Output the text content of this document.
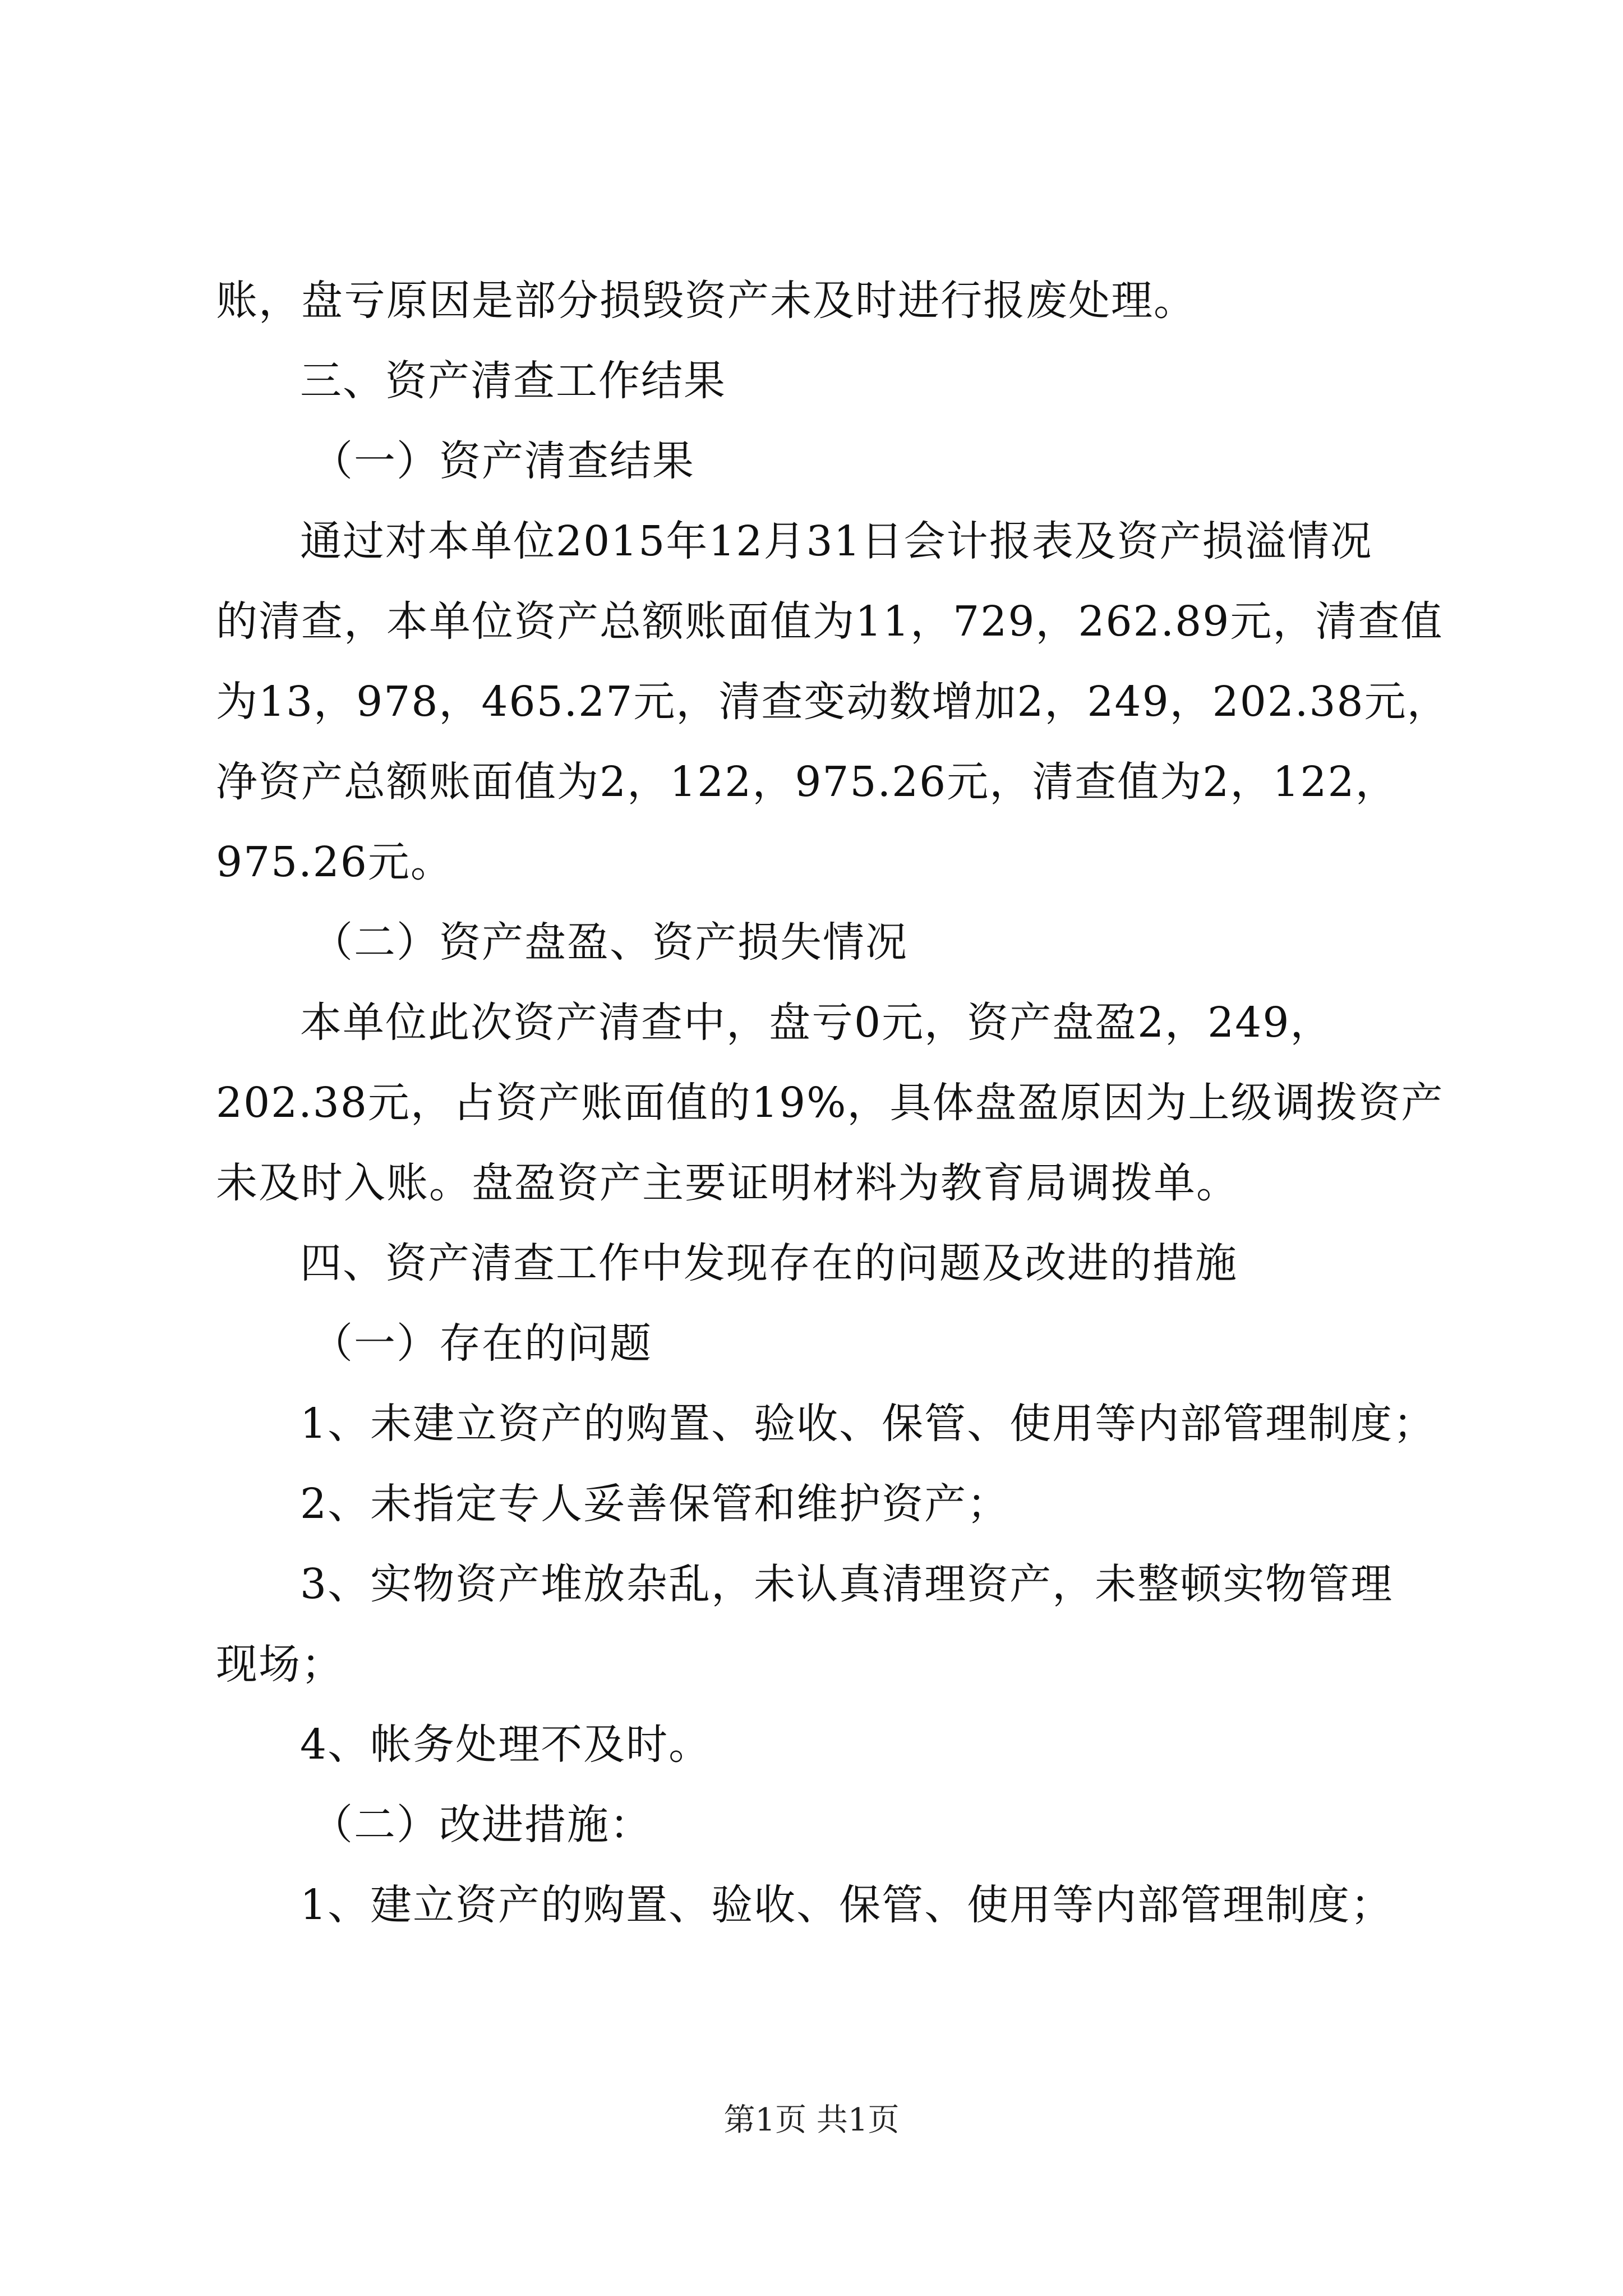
账，盘亏原因是部分损毁资产未及时进行报废处理。
三、资产清查工作结果
（一）资产清查结果
通过对本单位2015年12月31日会计报表及资产损溢情况
的清查，本单位资产总额账面值为11，729，262.89元，清查值
为13，978，465.27元，清查变动数增加2，249，202.38元，
净资产总额账面值为2，122，975.26元，清查值为2，122，
975.26元。
（二）资产盘盈、资产损失情况
本单位此次资产清查中，盘亏0元，资产盘盈2，249，
202.38元，占资产账面值的19%，具体盘盈原因为上级调拨资产
未及时入账。盘盈资产主要证明材料为教育局调拨单。
四、资产清查工作中发现存在的问题及改进的措施
（一）存在的问题
1、未建立资产的购置、验收、保管、使用等内部管理制度；
2、未指定专人妥善保管和维护资产；
3、实物资产堆放杂乱，未认真清理资产，未整顿实物管理
现场；
4、帐务处理不及时。
（二）改进措施：
1、建立资产的购置、验收、保管、使用等内部管理制度；
第1页 共1页
